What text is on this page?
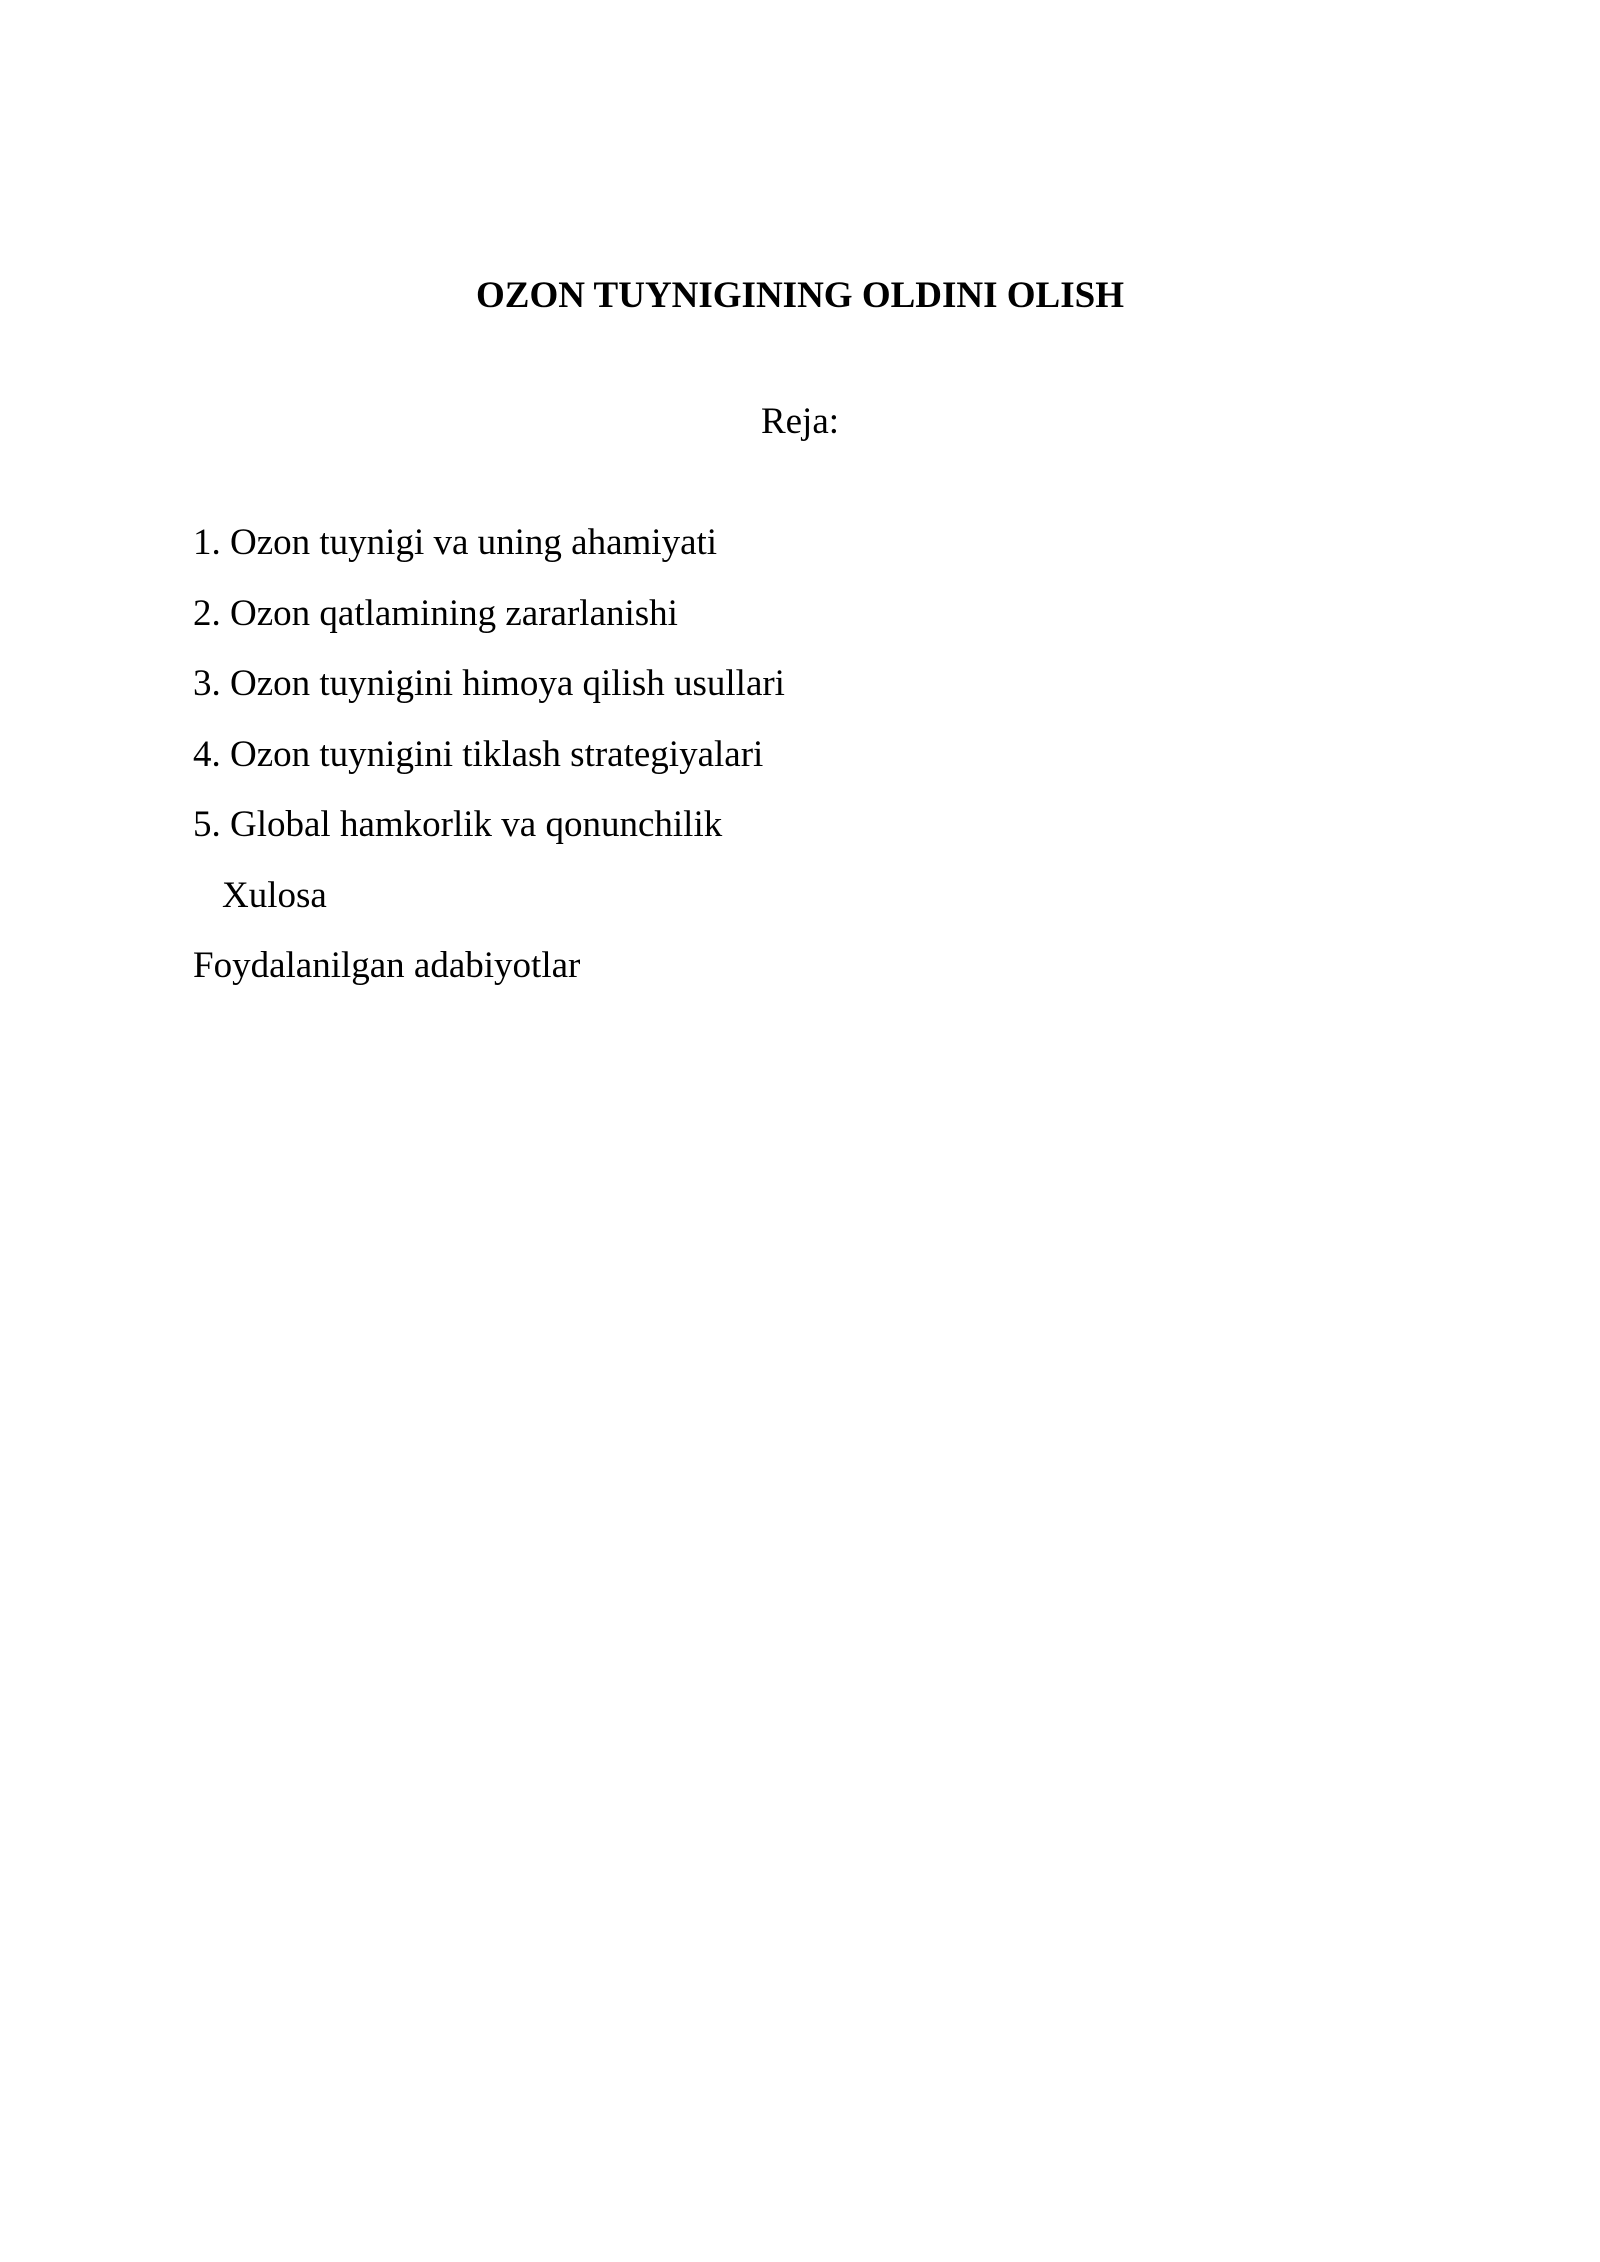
OZON TUYNIGINING OLDINI OLISH

Reja:

1. Ozon tuynigi va uning ahamiyati
2. Ozon qatlamining zararlanishi
3. Ozon tuynigini himoya qilish usullari
4. Ozon tuynigini tiklash strategiyalari
5. Global hamkorlik va qonunchilik
Xulosa
Foydalanilgan adabiyotlar
